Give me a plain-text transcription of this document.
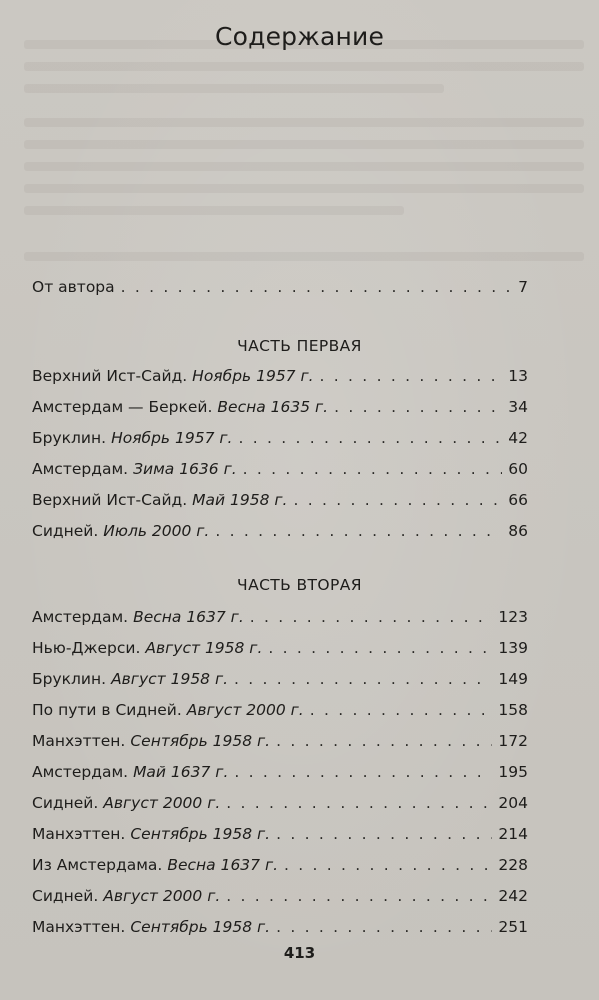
Содержание
От автора . . .	7
ЧАСТЬ ПЕРВАЯ
Верхний Ист-Сайд. Ноябрь 1957 г. . . .	13
Амстердам — Беркей. Весна 1635 г. . . .	34
Бруклин. Ноябрь 1957 г. . . .	42
Амстердам. Зима 1636 г. . . .	60
Верхний Ист-Сайд. Май 1958 г. . . .	66
Сидней. Июль 2000 г. . . .	86
ЧАСТЬ ВТОРАЯ
Амстердам. Весна 1637 г. . . .	123
Нью-Джерси. Август 1958 г. . . .	139
Бруклин. Август 1958 г. . . .	149
По пути в Сидней. Август 2000 г. . . .	158
Манхэттен. Сентябрь 1958 г. . . .	172
Амстердам. Май 1637 г. . . .	195
Сидней. Август 2000 г. . . .	204
Манхэттен. Сентябрь 1958 г. . . .	214
Из Амстердама. Весна 1637 г. . . .	228
Сидней. Август 2000 г. . . .	242
Манхэттен. Сентябрь 1958 г. . . .	251
413
